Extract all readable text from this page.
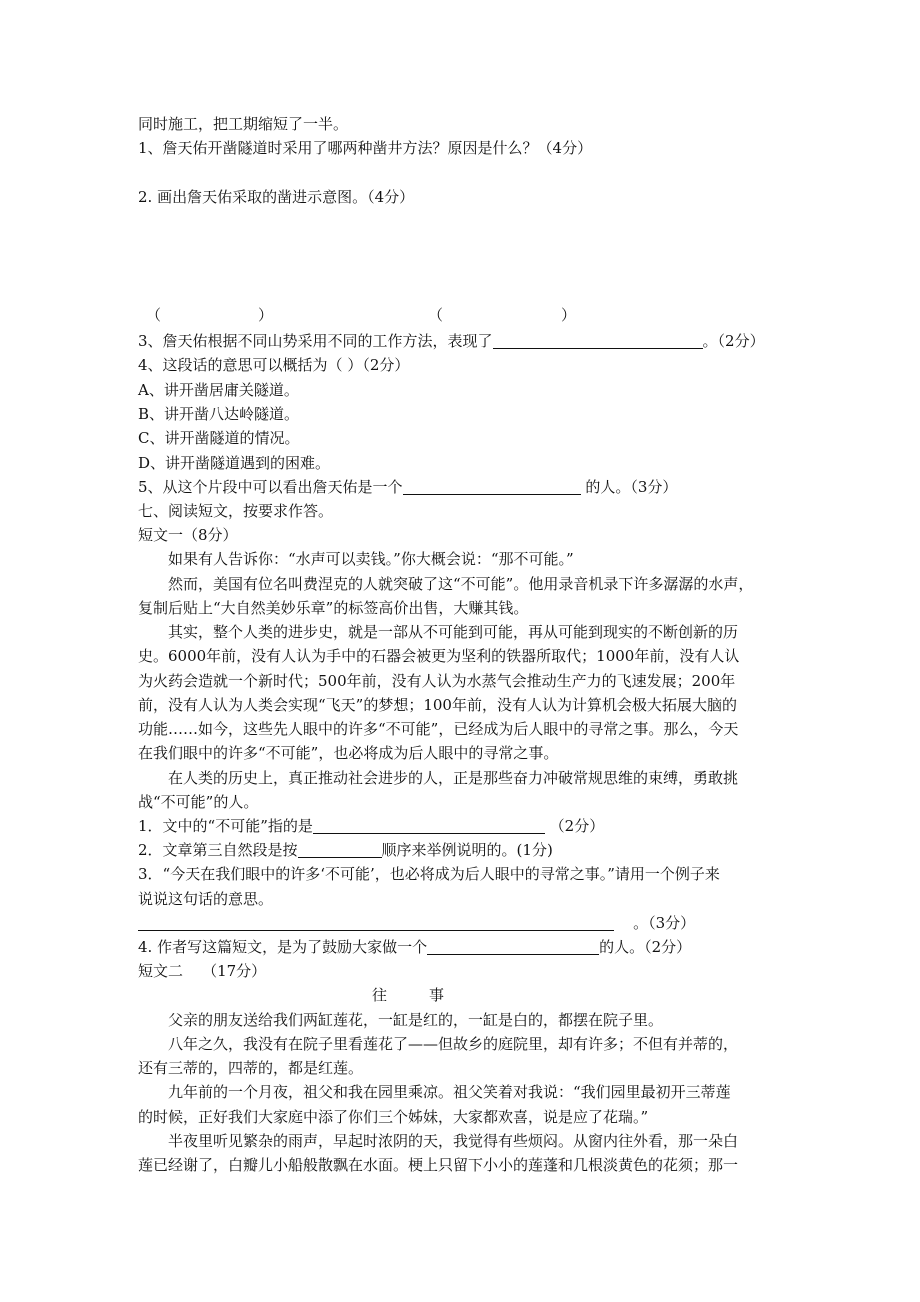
同时施工，把工期缩短了一半。
1、詹天佑开凿隧道时采用了哪两种凿井方法？原因是什么？（4分）
2. 画出詹天佑采取的凿进示意图。（4分）
（	）	（	）
3、詹天佑根据不同山势采用不同的工作方法，表现了	。（2分）
4、这段话的意思可以概括为（ ）（2分）
A、讲开凿居庸关隧道。
B、讲开凿八达岭隧道。
C、讲开凿隧道的情况。
D、讲开凿隧道遇到的困难。
5、从这个片段中可以看出詹天佑是一个	的人。（3分）
七、阅读短文，按要求作答。
短文一（8分）
如果有人告诉你：“水声可以卖钱。”你大概会说：“那不可能。”
然而，美国有位名叫费涅克的人就突破了这“不可能”。他用录音机录下许多潺潺的水声，
复制后贴上“大自然美妙乐章”的标签高价出售，大赚其钱。
其实，整个人类的进步史，就是一部从不可能到可能，再从可能到现实的不断创新的历
史。6000年前，没有人认为手中的石器会被更为坚利的铁器所取代；1000年前，没有人认
为火药会造就一个新时代；500年前，没有人认为水蒸气会推动生产力的飞速发展；200年
前，没有人认为人类会实现“飞天”的梦想；100年前，没有人认为计算机会极大拓展大脑的
功能……如今，这些先人眼中的许多“不可能”，已经成为后人眼中的寻常之事。那么，今天
在我们眼中的许多“不可能”，也必将成为后人眼中的寻常之事。
在人类的历史上，真正推动社会进步的人，正是那些奋力冲破常规思维的束缚，勇敢挑
战“不可能”的人。
1．文中的“不可能”指的是	（2分）
2．文章第三自然段是按	顺序来举例说明的。(1分)
3．“今天在我们眼中的许多‘不可能’，也必将成为后人眼中的寻常之事。”请用一个例子来
说说这句话的意思。
。（3分）
4. 作者写这篇短文，是为了鼓励大家做一个	的人。（2分）
短文二    （17分）
往	事
父亲的朋友送给我们两缸莲花，一缸是红的，一缸是白的，都摆在院子里。
八年之久，我没有在院子里看莲花了——但故乡的庭院里，却有许多；不但有并蒂的，
还有三蒂的，四蒂的，都是红莲。
九年前的一个月夜，祖父和我在园里乘凉。祖父笑着对我说：“我们园里最初开三蒂莲
的时候，正好我们大家庭中添了你们三个姊妹，大家都欢喜，说是应了花瑞。”
半夜里听见繁杂的雨声，早起时浓阴的天，我觉得有些烦闷。从窗内往外看，那一朵白
莲已经谢了，白瓣儿小船般散飘在水面。梗上只留下小小的莲蓬和几根淡黄色的花须；那一
